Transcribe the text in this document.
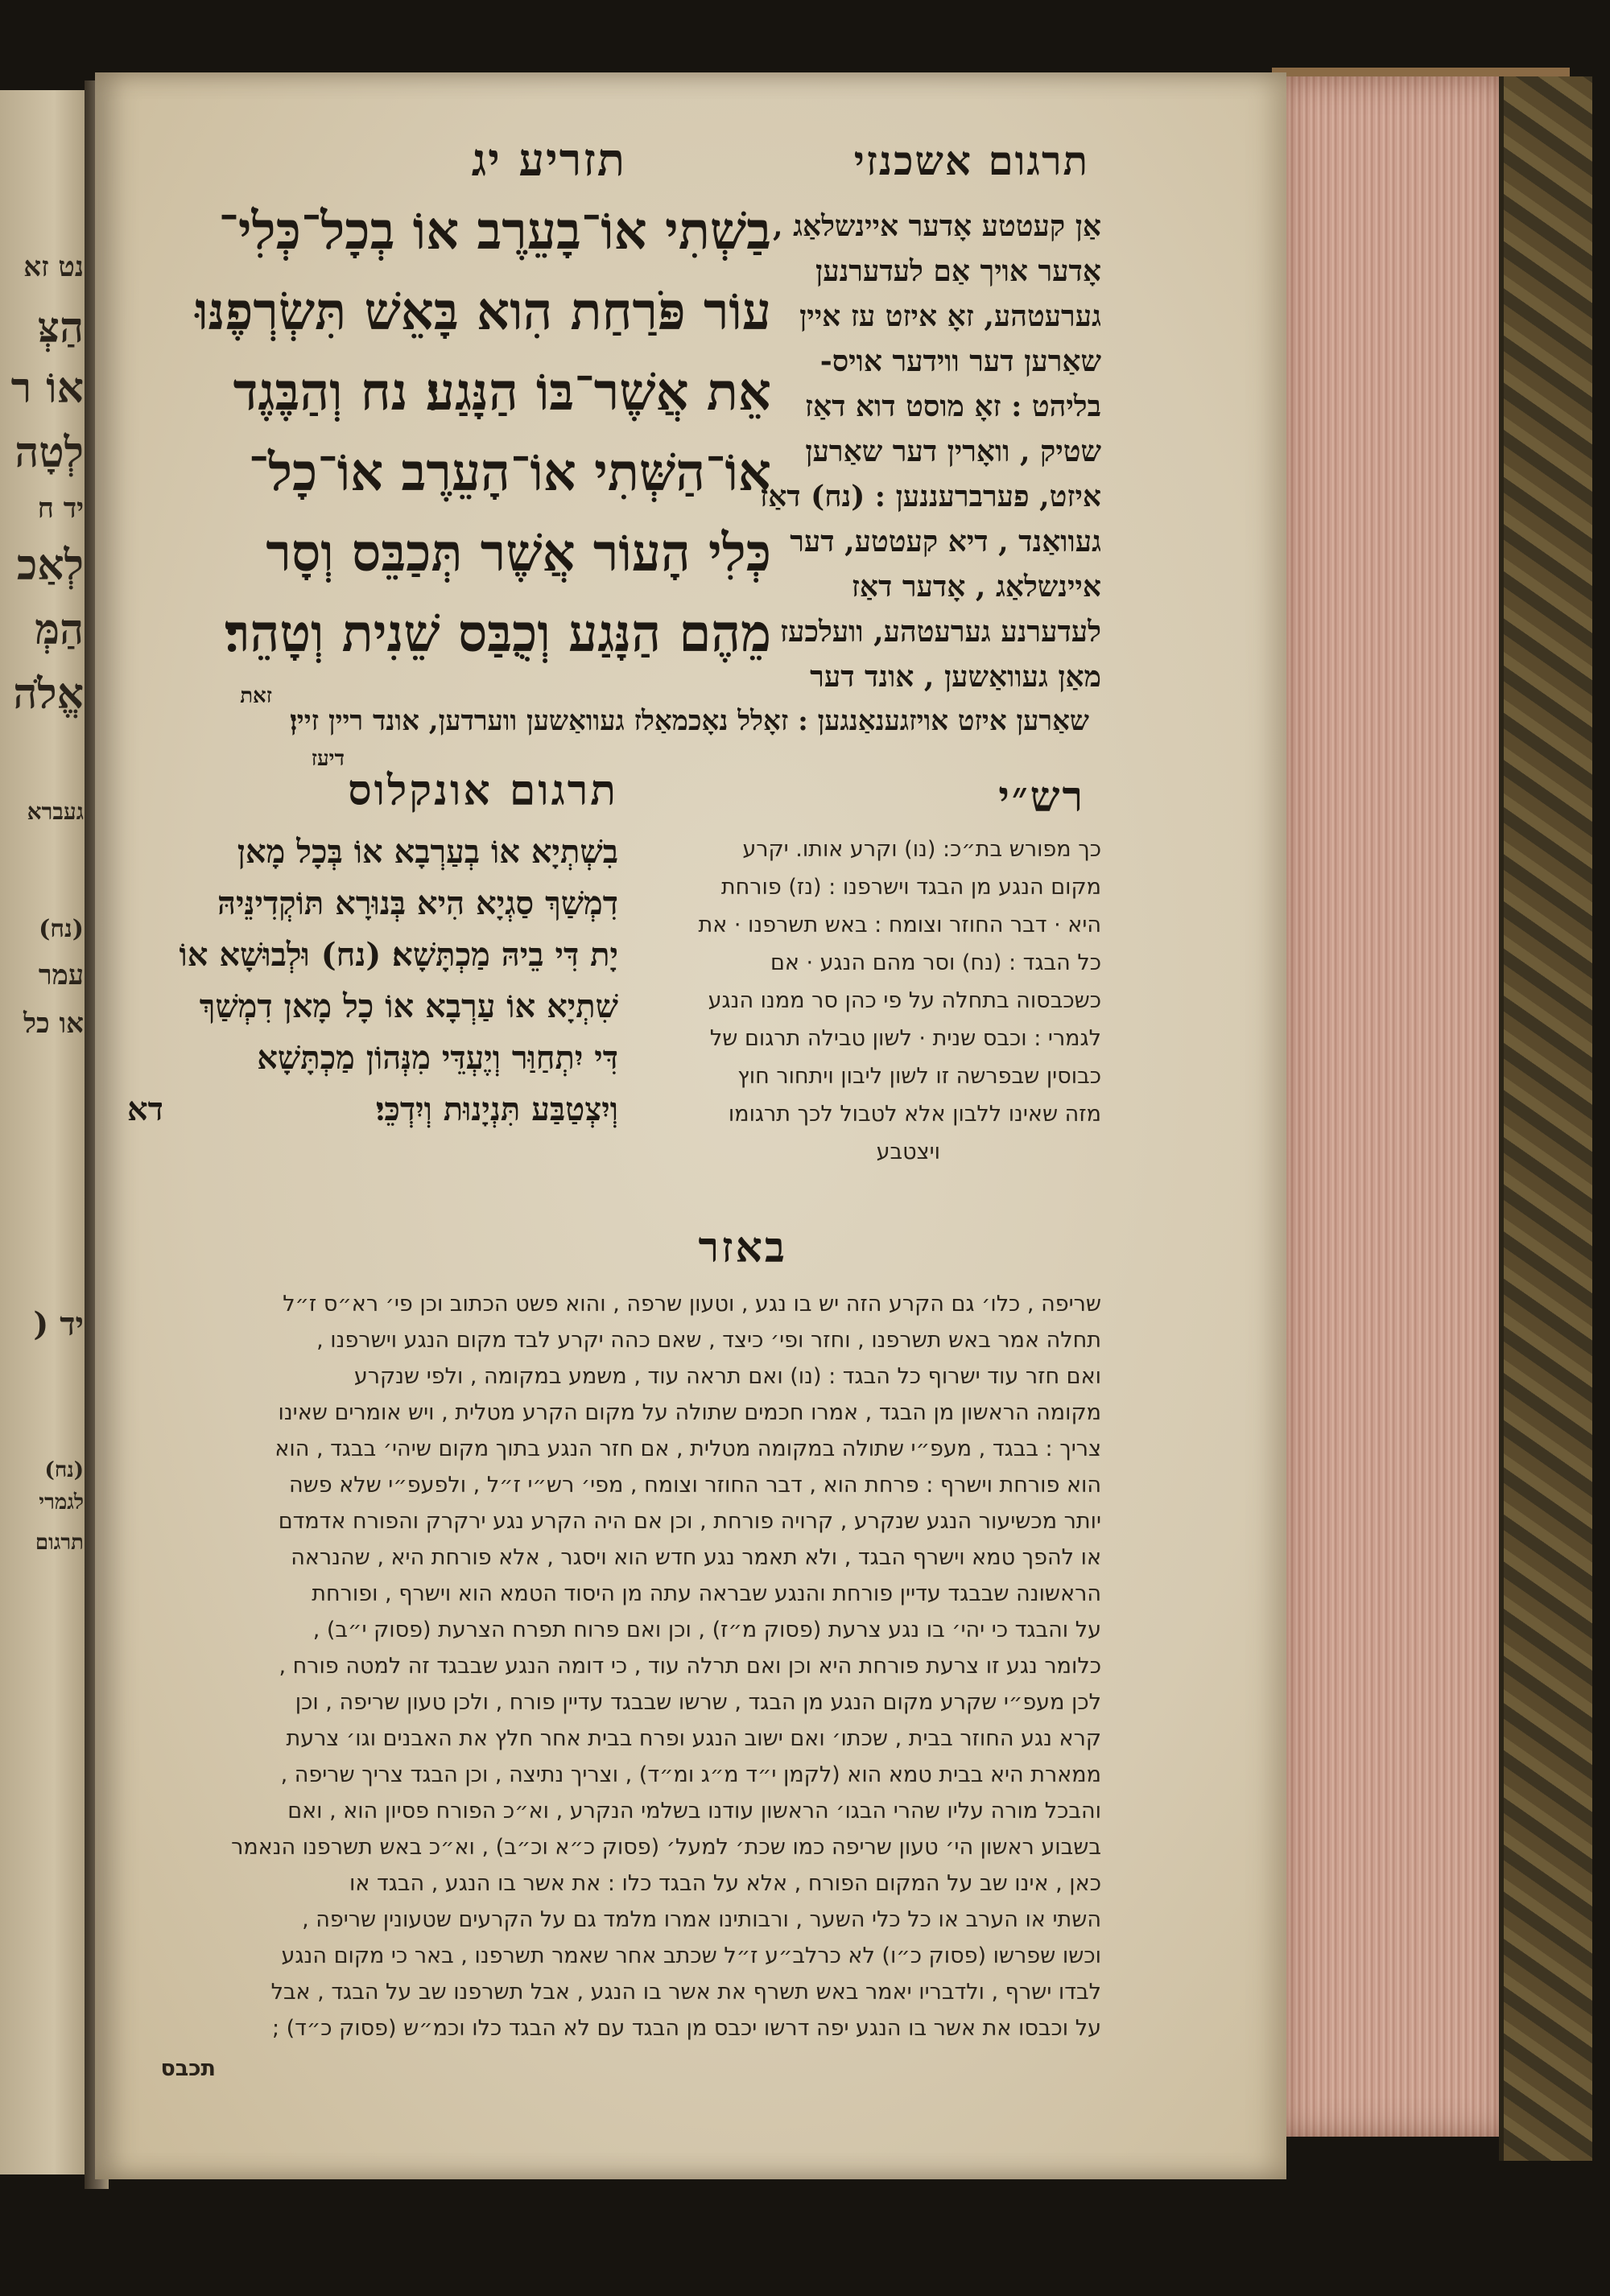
נט זא
הַצְּ
אוֹ ר
לְטָה
יד ח
לְאַכ
הַמְּ
אֱלֹה
געברא
(נח)
עמר
או כל
יד (
(נח)
לגמרי
תרגום
תרגום אשכנזי
תזריע יג
בַשְׁתִי אוֹ־בָעֵרֶב אוֹ בְכָל־כְּלִי־
עוֹר פֹּרַחַת הִוא בָּאֵשׁ תִּשְׂרְפֶנּוּ
אֵת אֲשֶׁר־בּוֹ הַנָּגַע׃ נח וְהַבֶּגֶד
אוֹ־הַשְּׁתִי אוֹ־הָעֵרֶב אוֹ־כָל־
כְּלִי הָעוֹר אֲשֶׁר תְּכַבֵּס וְסָר
מֵהֶם הַנָּגַע וְכֻבַּס שֵׁנִית וְטָהֵר׃
זאת
אַן קעטטע אָדער איינשלאַג ,
אָדער אויך אַם לעדערנען
גערעטהע, זאָ איזט עז איין
שאַרען דער ווידער אויס-
בליהט : זאָ מוסט דוא דאַז
שטיק , וואָרין דער שאַרען
איזט, פערברעננען : (נח) דאַז
געוואַנד , דיא קעטטע, דער
איינשלאַג , אָדער דאַז
לעדערנע גערעטהע, וועלכעז
מאַן געוואַשען , אונד דער
שאַרען איזט אויזגענאַנגען : זאָלל נאָכמאַלז געוואַשען ווערדען, אונד ריין זיין׃
דיעז
רש״י
תרגום אונקלוס
כך מפורש בת״כ: (נו) וקרע אותו. יקרע
מקום הנגע מן הבגד וישרפנו : (נז) פורחת
היא · דבר החוזר וצומח : באש תשרפנו · את
כל הבגד : (נח) וסר מהם הנגע · אם
כשכבסוה בתחלה על פי כהן סר ממנו הנגע
לגמרי : וכבס שנית · לשון טבילה תרגום של
כבוסין שבפרשה זו לשון ליבון ויתחור חוץ
מזה שאינו ללבון אלא לטבול לכך תרגומו
ויצטבע
בִשְׁתְיָא אוֹ בְעַרְבָא אוֹ בְּכָל מָאן
דִמְשַׁךְ סַגְיָא הִיא בְּנוּרָא תּוֹקְדִינֵּיהּ
יָת דִּי בֵיהּ מַכְתָּשָׁא׃ (נח) וּלְבוּשָׁא אוֹ
שִׁתְיָא אוֹ עַרְבָא אוֹ כָל מָאן דִמְשַׁךְ
דִּי יִתְחַוַּר וְיֶעְדֵּי מִנְּהוֹן מַכְתָּשָׁא
וְיִצְטַבַּע תִּנְיָנוּת וְיִדְכֵּי׃
דא
באזר
שריפה , כלו׳ גם הקרע הזה יש בו נגע , וטעון שרפה , והוא פשט הכתוב וכן פי׳ רא״ס ז״ל
תחלה אמר באש תשרפנו , וחזר ופי׳ כיצד , שאם כהה יקרע לבד מקום הנגע וישרפנו ,
ואם חזר עוד ישרוף כל הבגד : (נו) ואם תראה עוד , משמע במקומה , ולפי שנקרע
מקומה הראשון מן הבגד , אמרו חכמים שתולה על מקום הקרע מטלית , ויש אומרים שאינו
צריך : בבגד , מעפ״י שתולה במקומה מטלית , אם חזר הנגע בתוך מקום שיהי׳ בבגד , הוא
הוא פורחת וישרף : פרחת הוא , דבר החוזר וצומח , מפי׳ רש״י ז״ל , ולפעפ״י שלא פשה
יותר מכשיעור הנגע שנקרע , קרויה פורחת , וכן אם היה הקרע נגע ירקרק והפורח אדמדם
או להפך טמא וישרף הבגד , ולא תאמר נגע חדש הוא ויסגר , אלא פורחת היא , שהנראה
הראשונה שבבגד עדיין פורחת והנגע שבראה עתה מן היסוד הטמא הוא וישרף , ופורחת
על והבגד כי יהי׳ בו נגע צרעת (פסוק מ״ז) , וכן ואם פרוח תפרח הצרעת (פסוק י״ב) ,
כלומר נגע זו צרעת פורחת היא וכן ואם תרלה עוד , כי דומה הנגע שבבגד זה למטה פורח ,
לכן מעפ״י שקרע מקום הנגע מן הבגד , שרשו שבבגד עדיין פורח , ולכן טעון שריפה , וכן
קרא נגע החוזר בבית , שכתו׳ ואם ישוב הנגע ופרח בבית אחר חלץ את האבנים וגו׳ צרעת
ממארת היא בבית טמא הוא (לקמן י״ד מ״ג ומ״ד) , וצריך נתיצה , וכן הבגד צריך שריפה ,
והבכל מורה עליו שהרי הבגו׳ הראשון עודנו בשלמי הנקרע , וא״כ הפורח פסיון הוא , ואם
בשבוע ראשון הי׳ טעון שריפה כמו שכת׳ למעל׳ (פסוק כ״א וכ״ב) , וא״כ באש תשרפנו הנאמר
כאן , אינו שב על המקום הפורח , אלא על הבגד כלו : את אשר בו הנגע , הבגד או
השתי או הערב או כל כלי השער , ורבותינו אמרו מלמד גם על הקרעים שטעונין שריפה ,
וכשו שפרשו (פסוק כ״ו) לא כרלב״ע ז״ל שכתב אחר שאמר תשרפנו , באר כי מקום הנגע
לבדו ישרף , ולדבריו יאמר באש תשרף את אשר בו הנגע , אבל תשרפנו שב על הבגד , אבל
על וכבסו את אשר בו הנגע יפה דרשו יכבס מן הבגד עם לא הבגד כלו וכמ״ש (פסוק כ״ד) ;
תכבס
